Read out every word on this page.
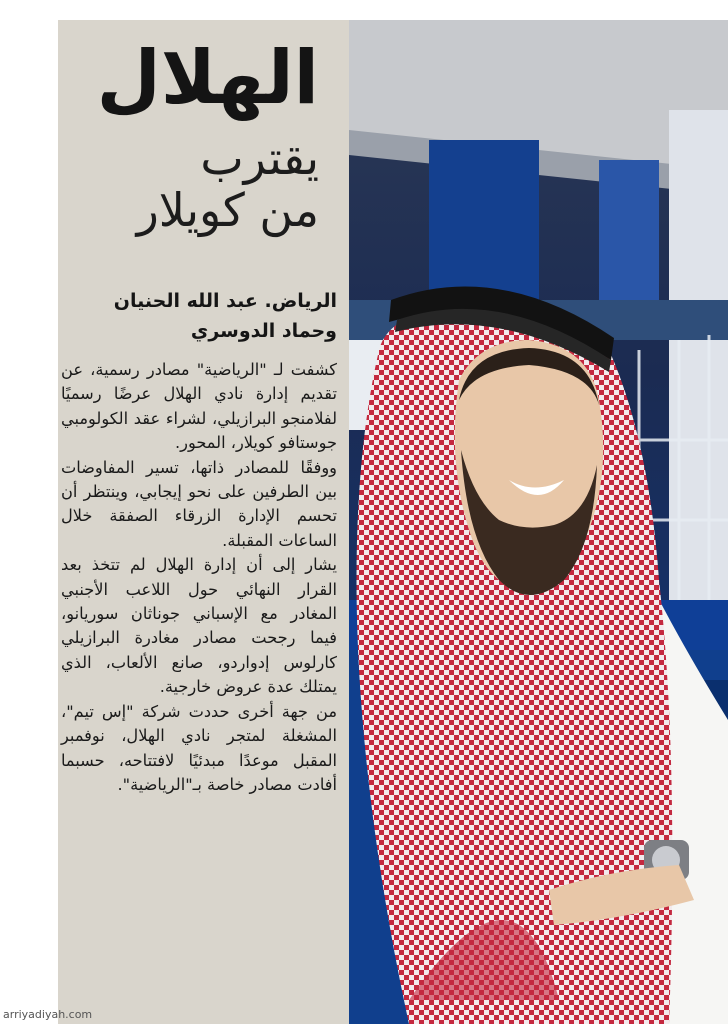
الهلال
يقترب
من كويلار
الرياض. عبد الله الحنيان
وحماد الدوسري

كشفت لـ "الرياضية" مصادر رسمية، عن تقديم إدارة نادي الهلال عرضًا رسميًا لفلامنجو البرازيلي، لشراء عقد الكولومبي جوستافو كويلار، المحور.

ووفقًا للمصادر ذاتها، تسير المفاوضات بين الطرفين على نحو إيجابي، وينتظر أن تحسم الإدارة الزرقاء الصفقة خلال الساعات المقبلة.

يشار إلى أن إدارة الهلال لم تتخذ بعد القرار النهائي حول اللاعب الأجنبي المغادر مع الإسباني جوناثان سوريانو، فيما رجحت مصادر مغادرة البرازيلي كارلوس إدواردو، صانع الألعاب، الذي يمتلك عدة عروض خارجية.

من جهة أخرى حددت شركة "إس تيم"، المشغلة لمتجر نادي الهلال، نوفمبر المقبل موعدًا مبدئيًا لافتتاحه، حسبما أفادت مصادر خاصة بـ"الرياضية".

arriyadiyah.com
